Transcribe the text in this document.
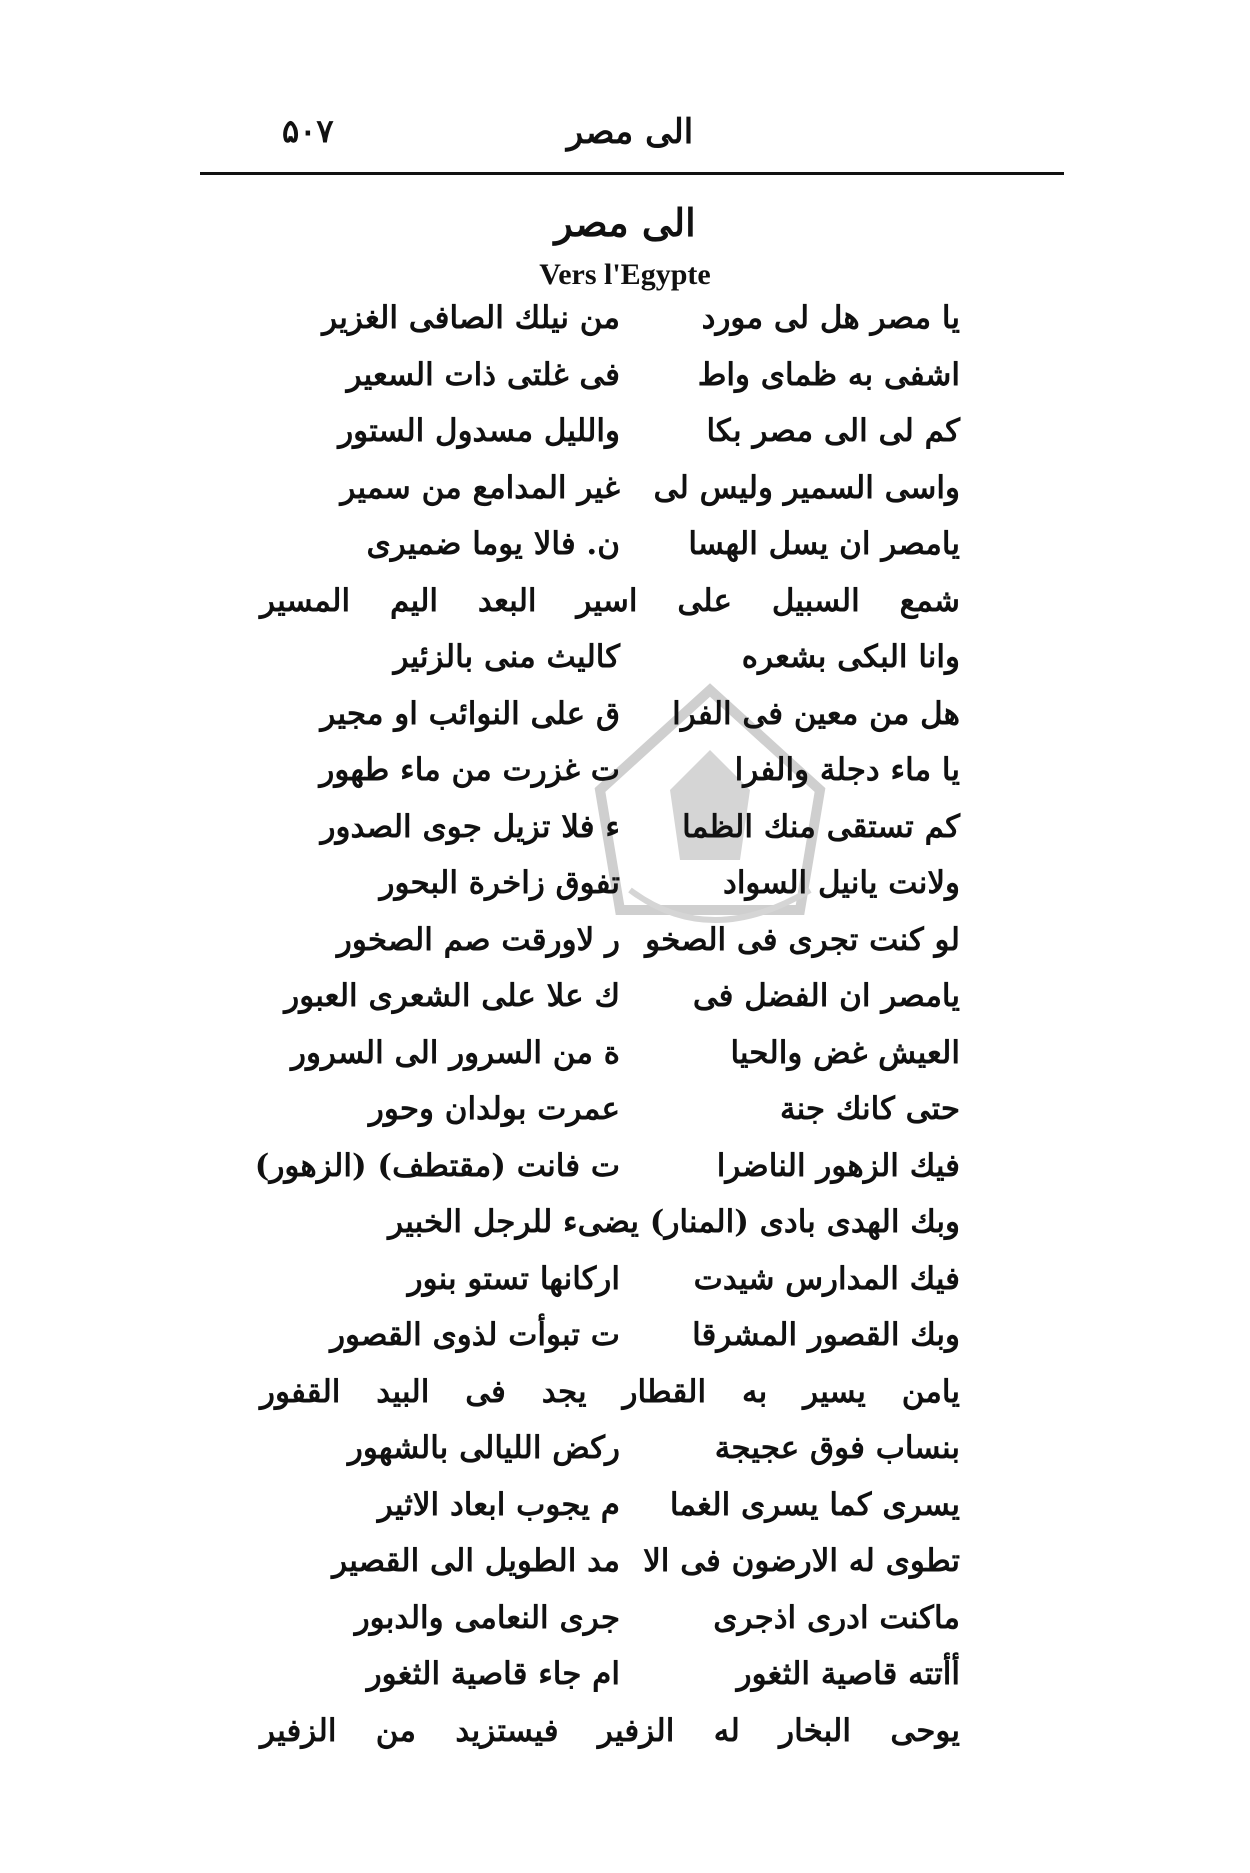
الی مصر
۵۰۷
الی مصر
Vers l'Egypte
یا مصر هل لی مورد
من نیلك الصافی الغزیر
اشفی به ظمای واط
فی غلتی ذات السعیر
کم لی الی مصر بکا
واللیل مسدول الستور
واسی السمیر ولیس لی
غیر المدامع من سمیر
یامصر ان یسل الهسا
ن. فالا یوما ضمیری
شمع السبیل علی اسیر البعد الیم المسیر
وانا البکی بشعره
کالیث منی بالزئیر
هل من معین فی الفرا
ق علی النوائب او مجیر
یا ماء دجلة والفرا
ت غزرت من ماء طهور
کم تستقی منك الظما
ء فلا تزیل جوی الصدور
ولانت یانیل السواد
تفوق زاخرة البحور
لو کنت تجری فی الصخو
ر لاورقت صم الصخور
یامصر ان الفضل فی
ك علا علی الشعری العبور
العیش غض والحیا
ة من السرور الی السرور
حتی کانك جنة
عمرت بولدان وحور
فیك الزهور الناضرا
ت فانت (مقتطف) (الزهور)
وبك الهدی بادی (المنار) یضیء للرجل الخبیر
فیك المدارس شیدت
ارکانها تستو بنور
وبك القصور المشرقا
ت تبوأت لذوی القصور
یامن یسیر به القطار یجد فی البید القفور
بنساب فوق عجیجة
رکض اللیالی بالشهور
یسری کما یسری الغما
م یجوب ابعاد الاثیر
تطوی له الارضون فی الا
مد الطویل الی القصیر
ماکنت ادری اذجری
جری النعامی والدبور
أأتته قاصیة الثغور
ام جاء قاصیة الثغور
یوحی البخار له الزفیر فیستزید من الزفیر
